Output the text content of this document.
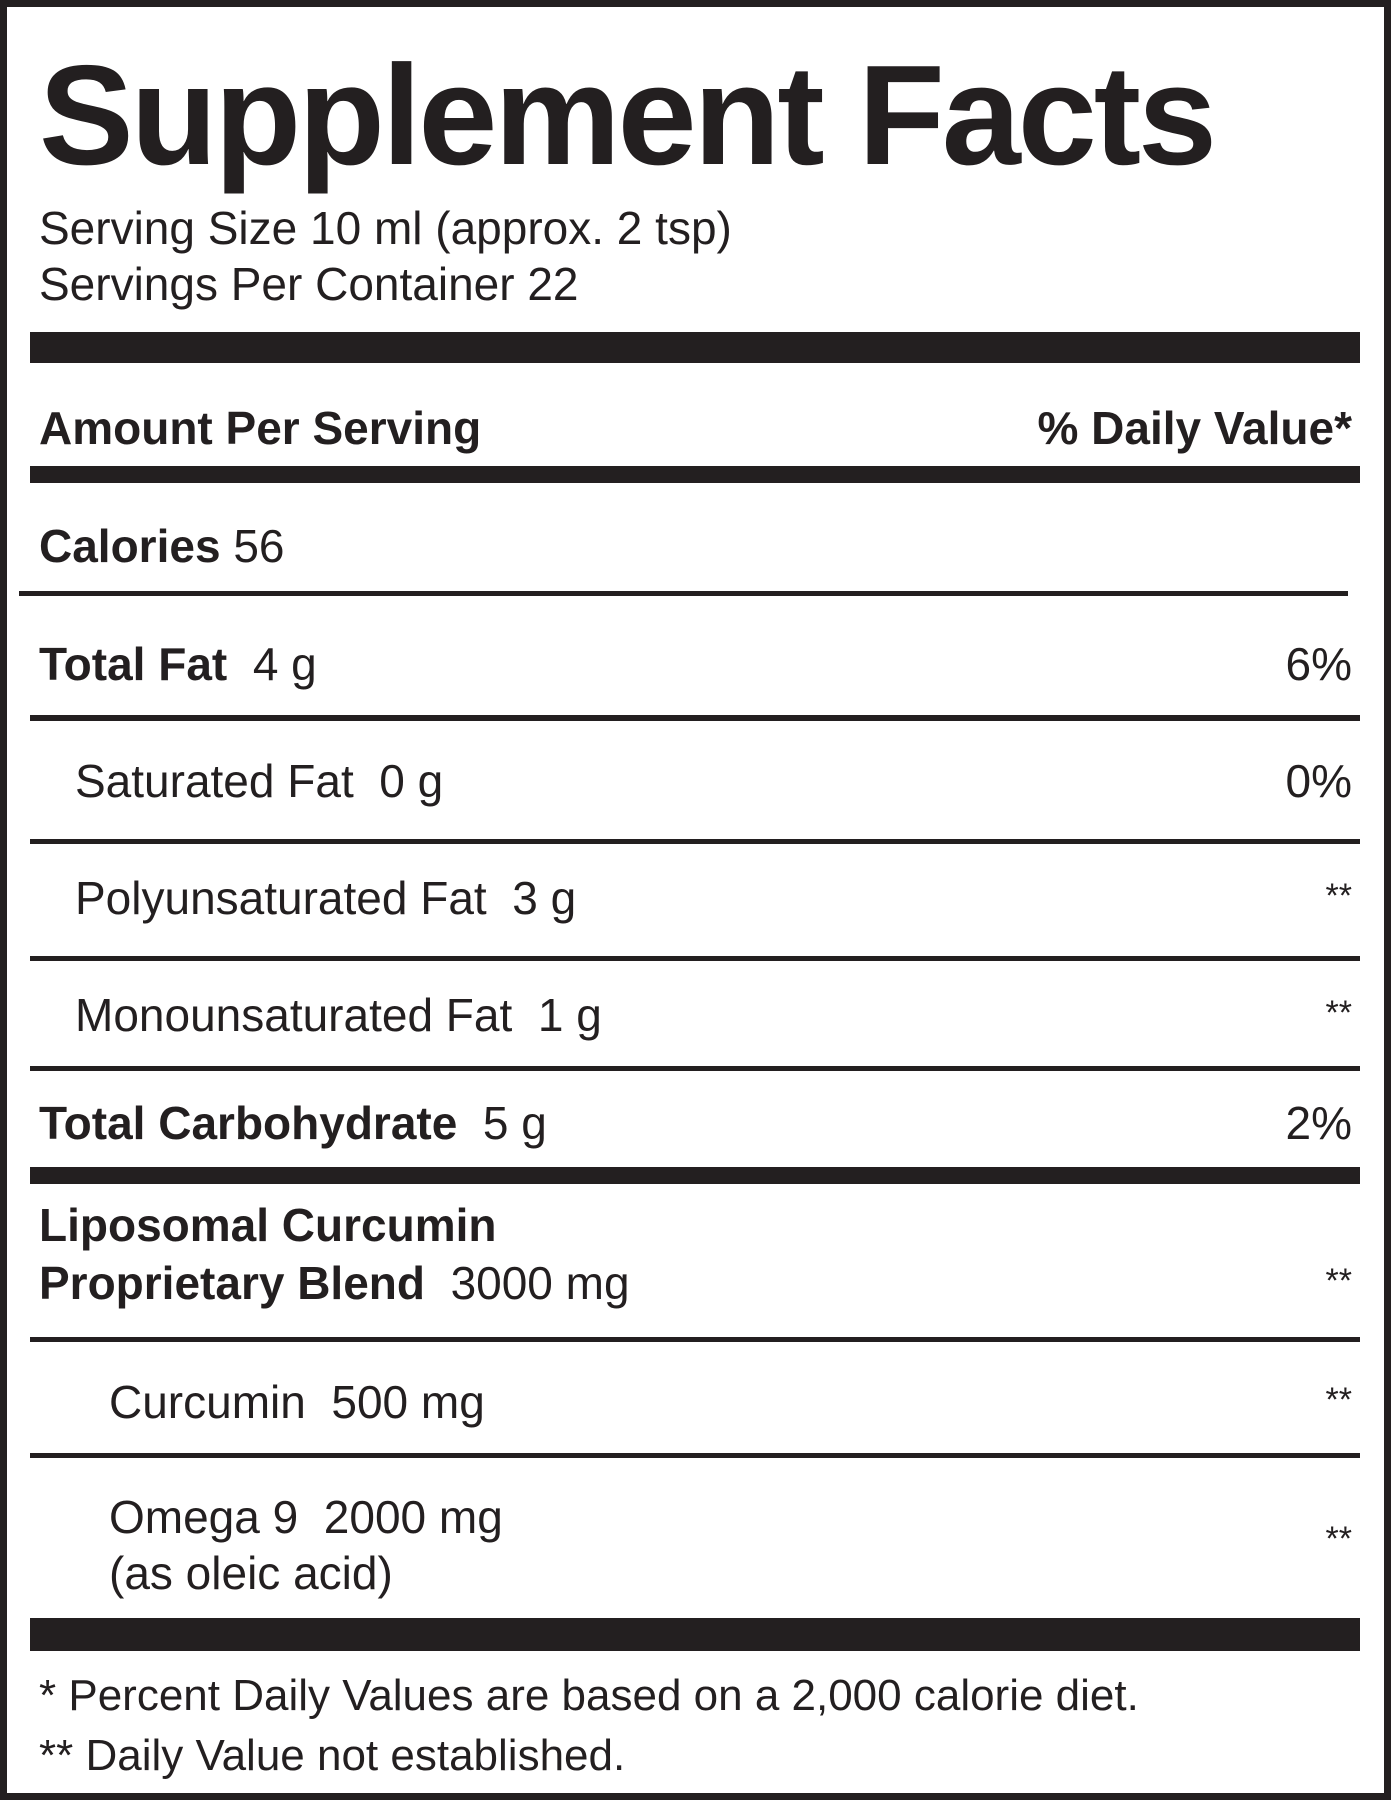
Supplement Facts
Serving Size 10 ml (approx. 2 tsp)
Servings Per Container 22
Amount Per Serving	% Daily Value*
Calories 56
Total Fat 4 g	6%
Saturated Fat 0 g	0%
Polyunsaturated Fat 3 g	**
Monounsaturated Fat 1 g	**
Total Carbohydrate 5 g	2%
Liposomal Curcumin
Proprietary Blend 3000 mg	**
Curcumin 500 mg	**
Omega 9 2000 mg	**
(as oleic acid)
* Percent Daily Values are based on a 2,000 calorie diet.
** Daily Value not established.
